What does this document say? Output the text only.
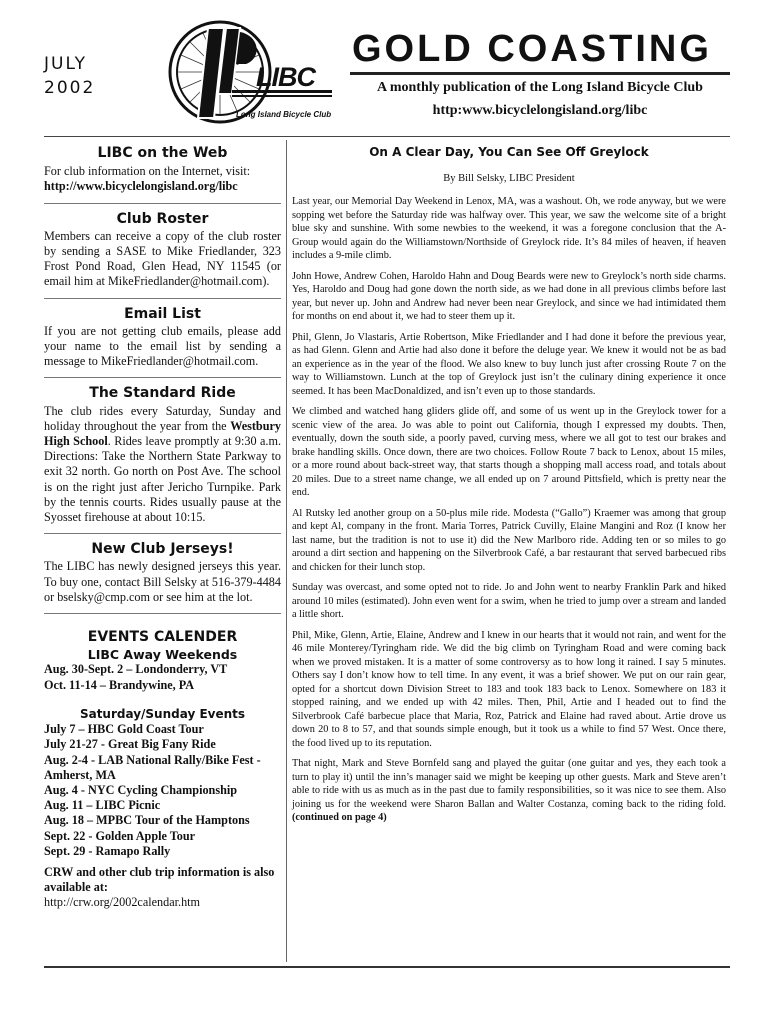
JULY
2002	LIBC
Long Island Bicycle Club
GOLD COASTING
A monthly publication of the Long Island Bicycle Club
http:www.bicyclelongisland.org/libc
LIBC on the Web

For club information on the Internet, visit:

http://www.bicyclelongisland.org/libc

Club Roster

Members can receive a copy of the club roster by sending a SASE to Mike Friedlander, 323 Frost Pond Road, Glen Head, NY 11545 (or email him at MikeFriedlander@hotmail.com).

Email List

If you are not getting club emails, please add your name to the email list by sending a message to MikeFriedlander@hotmail.com.

The Standard Ride

The club rides every Saturday, Sunday and holiday throughout the year from the Westbury High School. Rides leave promptly at 9:30 a.m. Directions: Take the Northern State Parkway to exit 32 north. Go north on Post Ave. The school is on the right just after Jericho Turnpike. Park by the tennis courts. Rides usually pause at the Syosset firehouse at about 10:15.

New Club Jerseys!

The LIBC has newly designed jerseys this year. To buy one, contact Bill Selsky at 516-379-4484 or bselsky@cmp.com or see him at the lot.

EVENTS CALENDER
LIBC Away Weekends

Aug. 30-Sept. 2 – Londonderry, VT

Oct. 11-14 – Brandywine, PA

Saturday/Sunday Events

July 7 – HBC Gold Coast Tour

July 21-27 - Great Big Fany Ride

Aug. 2-4 - LAB National Rally/Bike Fest - Amherst, MA

Aug. 4 - NYC Cycling Championship

Aug. 11 – LIBC Picnic

Aug. 18 – MPBC Tour of the Hamptons

Sept. 22 - Golden Apple Tour

Sept. 29 - Ramapo Rally

CRW and other club trip information is also available at:

http://crw.org/2002calendar.htm

On A Clear Day, You Can See Off Greylock
By Bill Selsky, LIBC President

Last year, our Memorial Day Weekend in Lenox, MA, was a washout. Oh, we rode anyway, but we were sopping wet before the Saturday ride was halfway over. This year, we saw the welcome site of a bright blue sky and sunshine. With some newbies to the weekend, it was a foregone conclusion that the A-Group would again do the Williamstown/Northside of Greylock ride. It’s 84 miles of heaven, if heaven includes a 9-mile climb.

John Howe, Andrew Cohen, Haroldo Hahn and Doug Beards were new to Greylock’s north side charms. Yes, Haroldo and Doug had gone down the north side, as we had done in all previous climbs before last year, but never up. John and Andrew had never been near Greylock, and since we had intimidated them for months on end about it, we had to steer them up it.

Phil, Glenn, Jo Vlastaris, Artie Robertson, Mike Friedlander and I had done it before the previous year, as had Glenn. Glenn and Artie had also done it before the deluge year. We knew it would not be as bad an experience as in the year of the flood. We also knew to buy lunch just after crossing Route 7 on the way to Williamstown. Lunch at the top of Greylock just isn’t the culinary dining experience it once seemed. It has been MacDonaldized, and isn’t even up to those standards.

We climbed and watched hang gliders glide off, and some of us went up in the Greylock tower for a scenic view of the area. Jo was able to point out California, though I expressed my doubts. Then, eventually, down the south side, a poorly paved, curving mess, where we all got to test our brakes and brake handling skills. Once down, there are two choices. Follow Route 7 back to Lenox, about 15 miles, or a more round about back-street way, that starts though a shopping mall access road, and totals about 20 miles. Due to a street name change, we all ended up on 7 around Pittsfield, which is pretty near the end.

Al Rutsky led another group on a 50-plus mile ride. Modesta (“Gallo”) Kraemer was among that group and kept Al, company in the front. Maria Torres, Patrick Cuvilly, Elaine Mangini and Roz (I know her last name, but the tradition is not to use it) did the New Marlboro ride. Adding ten or so miles to go around a dirt section and happening on the Silverbrook Café, a bar restaurant that served barbecued ribs and chicken for their lunch stop.

Sunday was overcast, and some opted not to ride. Jo and John went to nearby Franklin Park and hiked around 10 miles (estimated). John even went for a swim, when he tried to jump over a stream and landed a little short.

Phil, Mike, Glenn, Artie, Elaine, Andrew and I knew in our hearts that it would not rain, and went for the 46 mile Monterey/Tyringham ride. We did the big climb on Tyringham Road and were coming back when we proved mistaken. It is a matter of some controversy as to how long it rained. I say 5 minutes. Others say I don’t know how to tell time. In any event, it was a brief shower. We put on our rain gear, opted for a shortcut down Division Street to 183 and took 183 back to Lenox. Somewhere on 183 it stopped raining, and we ended up with 42 miles. Then, Phil, Artie and I headed out to find the Silverbrook Café barbecue place that Maria, Roz, Patrick and Elaine had raved about. Artie drove us down 20 to 8 to 57, and that sounds simple enough, but it took us a while to find 57 West. Once there, the food lived up to its reputation.

That night, Mark and Steve Bornfeld sang and played the guitar (one guitar and yes, they each took a turn to play it) until the inn’s manager said we might be keeping up other guests. Mark and Steve aren’t able to ride with us as much as in the past due to family responsibilities, so it was nice to see them. Also joining us for the weekend were Sharon Ballan and Walter Costanza, coming back to the riding fold. (continued on page 4)
